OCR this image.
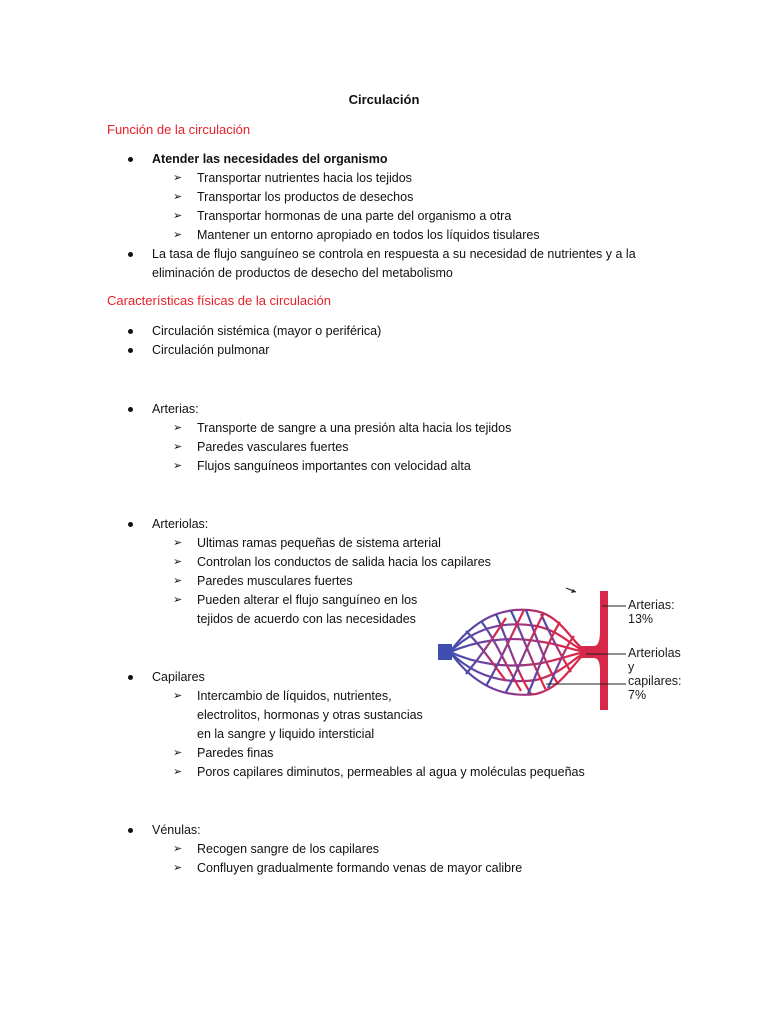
Circulación
Función de la circulación
Atender las necesidades del organismo
➢	Transportar nutrientes hacia los tejidos
➢	Transportar los productos de desechos
➢	Transportar hormonas de una parte del organismo a otra
➢	Mantener un entorno apropiado en todos los líquidos tisulares
La tasa de flujo sanguíneo se controla en respuesta a su necesidad de nutrientes y a la
eliminación de productos de desecho del metabolismo
Características físicas de la circulación
Circulación sistémica (mayor o periférica)
Circulación pulmonar
Arterias:
➢	Transporte de sangre a una presión alta hacia los tejidos
➢	Paredes vasculares fuertes
➢	Flujos sanguíneos importantes con velocidad alta
Arteriolas:
➢	Ultimas ramas pequeñas de sistema arterial
➢	Controlan los conductos de salida hacia los capilares
➢	Paredes musculares fuertes
➢	Pueden alterar el flujo sanguíneo en los
tejidos de acuerdo con las necesidades
Capilares
➢	Intercambio de líquidos, nutrientes,
electrolitos, hormonas y otras sustancias
en la sangre y liquido intersticial
➢	Paredes finas
➢	Poros capilares diminutos, permeables al agua y moléculas pequeñas
Vénulas:
➢	Recogen sangre de los capilares
➢	Confluyen gradualmente formando venas de mayor calibre
Arterias:
13%
Arteriolas
y
capilares:
7%
